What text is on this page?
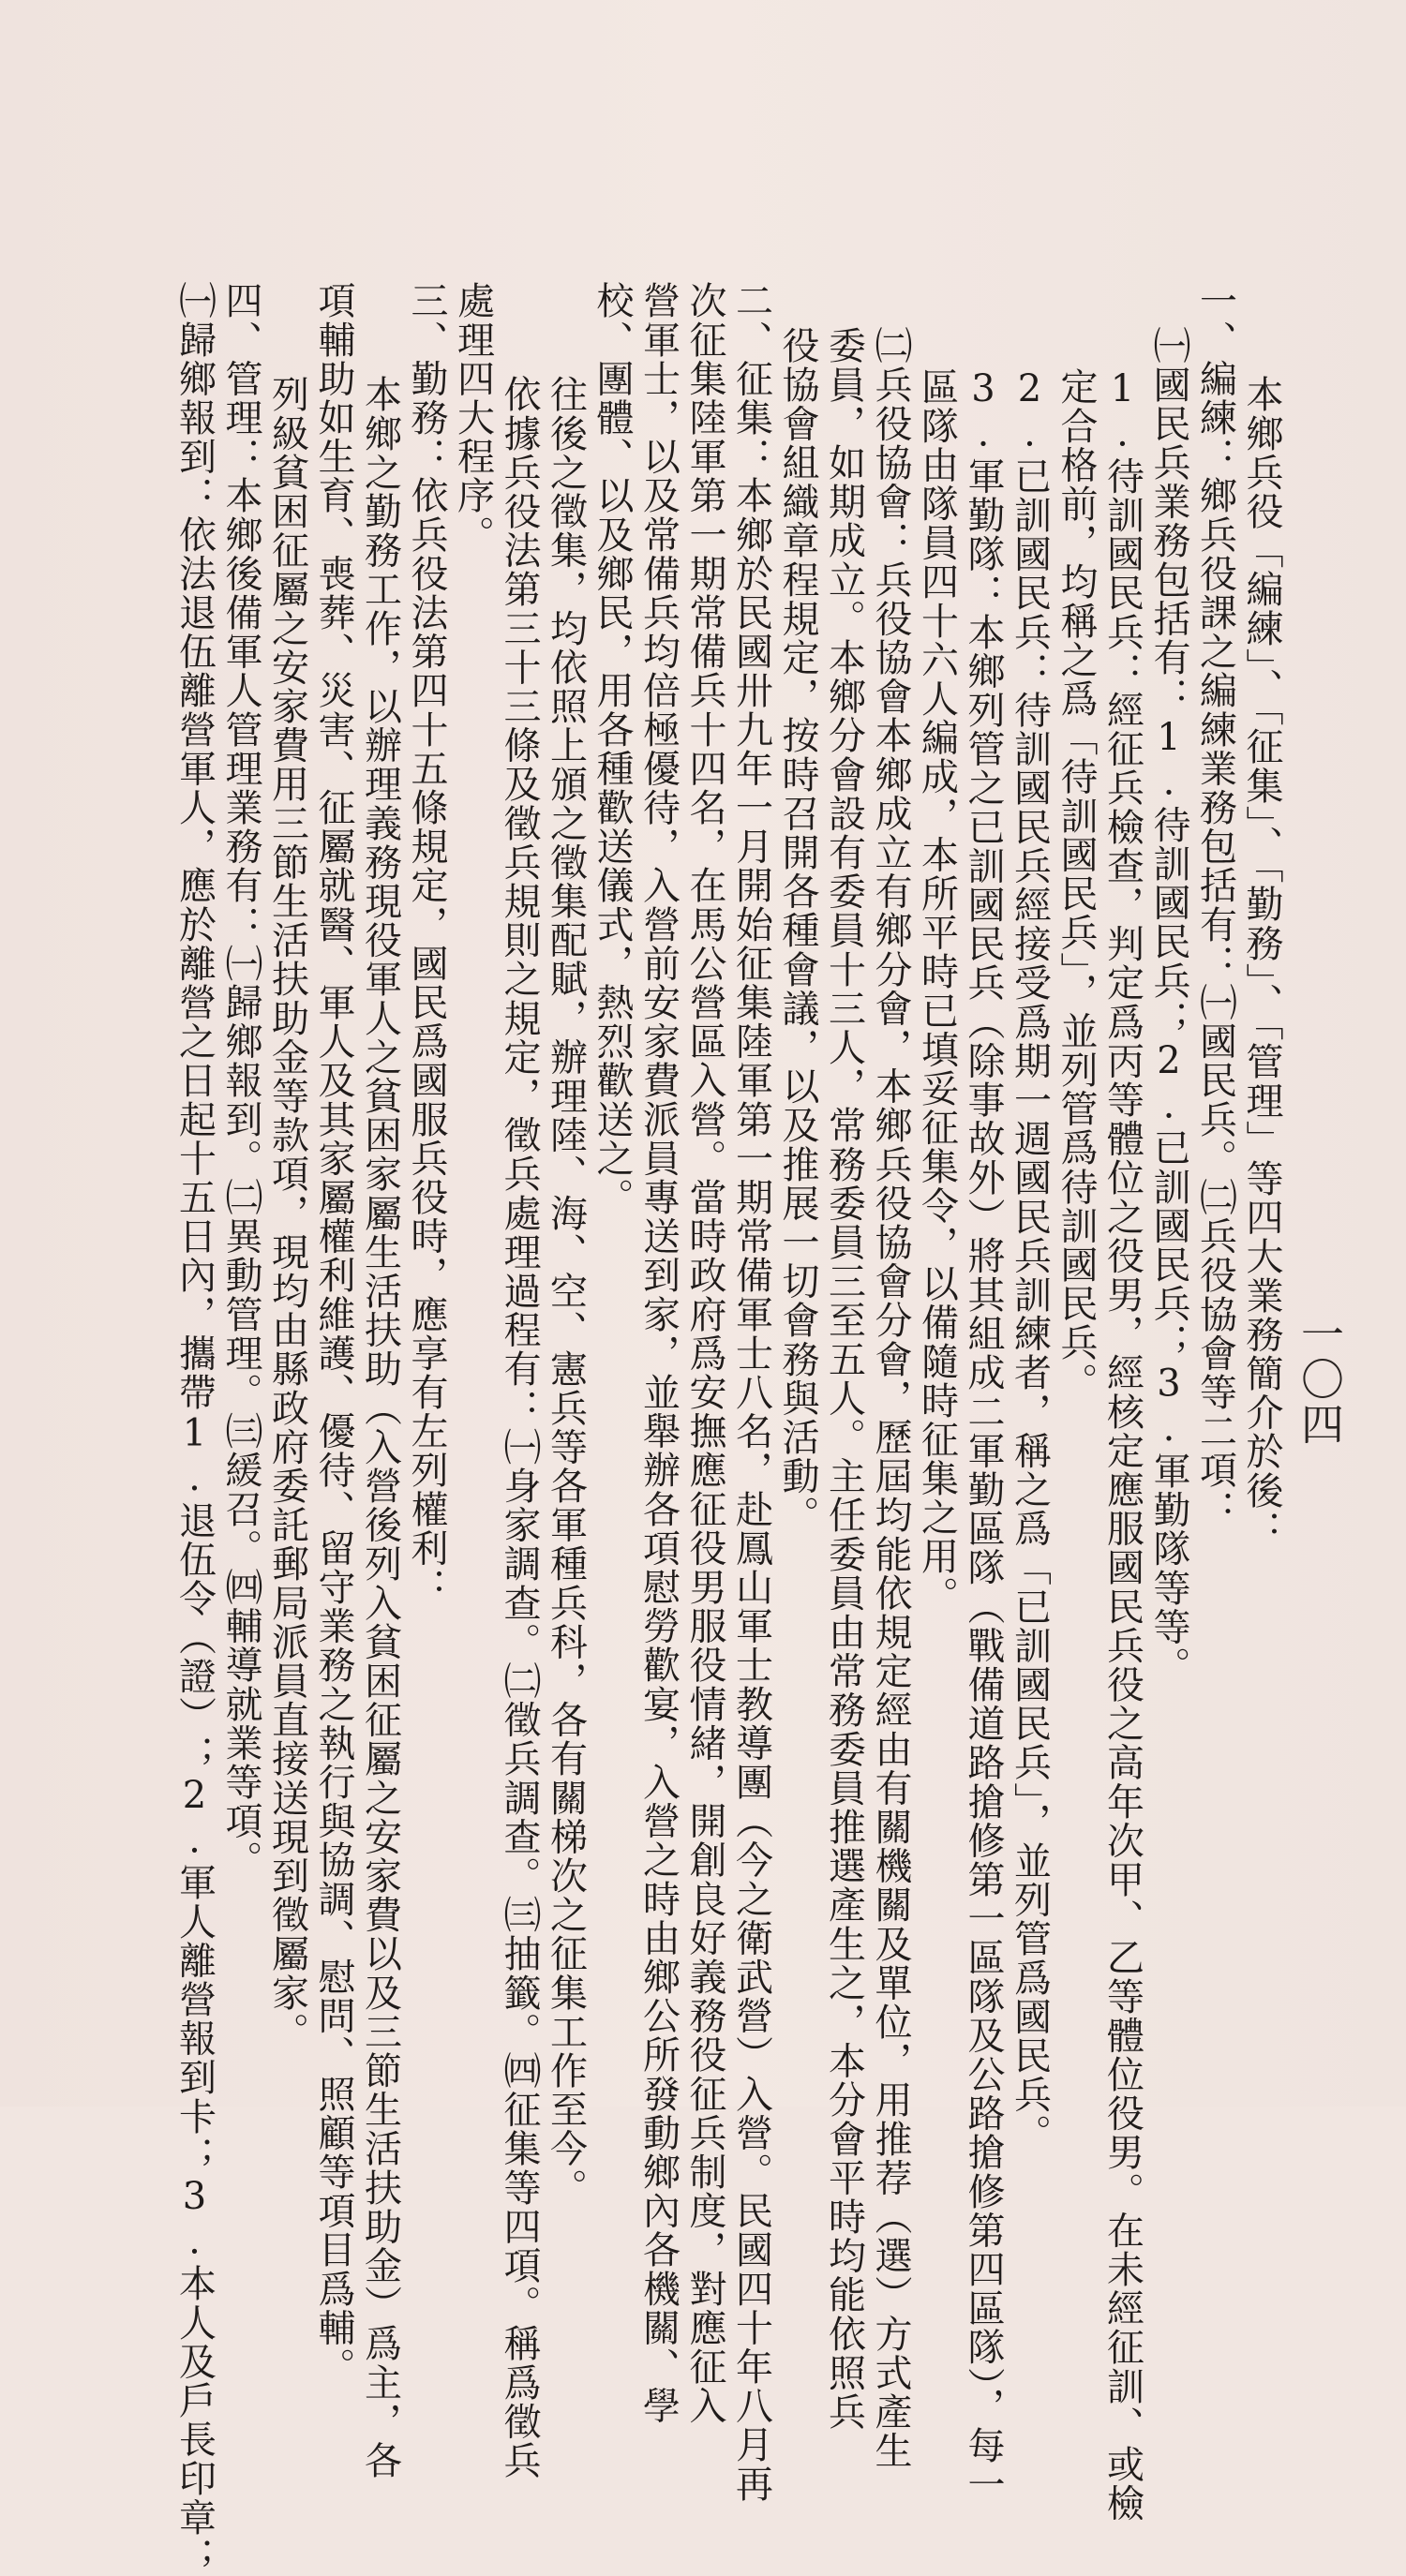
一〇四
本鄉兵役「編練」、「征集」、「勤務」、「管理」等四大業務簡介於後：
一、編練：鄉兵役課之編練業務包括有：㈠國民兵。㈡兵役協會等二項：
㈠國民兵業務包括有：1.待訓國民兵；2.已訓國民兵；3.軍勤隊等等。
1.待訓國民兵：經征兵檢查，判定爲丙等體位之役男，經核定應服國民兵役之高年次甲、乙等體位役男。在未經征訓、或檢
定合格前，均稱之爲「待訓國民兵」，並列管爲待訓國民兵。
2.已訓國民兵：待訓國民兵經接受爲期一週國民兵訓練者，稱之爲「已訓國民兵」，並列管爲國民兵。
3.軍勤隊：本鄉列管之已訓國民兵（除事故外）將其組成二軍勤區隊（戰備道路搶修第一區隊及公路搶修第四區隊），每一
區隊由隊員四十六人編成，本所平時已填妥征集令，以備隨時征集之用。
㈡兵役協會：兵役協會本鄉成立有鄉分會，本鄉兵役協會分會，歷屆均能依規定經由有關機關及單位，用推荐（選）方式產生
委員，如期成立。本鄉分會設有委員十三人，常務委員三至五人。主任委員由常務委員推選產生之，本分會平時均能依照兵
役協會組織章程規定，按時召開各種會議，以及推展一切會務與活動。
二、征集：本鄉於民國卅九年一月開始征集陸軍第一期常備軍士八名，赴鳳山軍士教導團（今之衛武營）入營。民國四十年八月再
次征集陸軍第一期常備兵十四名，在馬公營區入營。當時政府爲安撫應征役男服役情緒，開創良好義務役征兵制度，對應征入
營軍士，以及常備兵均倍極優待，入營前安家費派員專送到家，並舉辦各項慰勞歡宴，入營之時由鄉公所發動鄉內各機關、學
校、團體、以及鄉民，用各種歡送儀式，熱烈歡送之。
往後之徵集，均依照上頒之徵集配賦，辦理陸、海、空、憲兵等各軍種兵科，各有關梯次之征集工作至今。
依據兵役法第三十三條及徵兵規則之規定，徵兵處理過程有：㈠身家調查。㈡徵兵調查。㈢抽籤。㈣征集等四項。稱爲徵兵
處理四大程序。
三、勤務：依兵役法第四十五條規定，國民爲國服兵役時，應享有左列權利：
本鄉之勤務工作，以辦理義務現役軍人之貧困家屬生活扶助（入營後列入貧困征屬之安家費以及三節生活扶助金）爲主，各
項輔助如生育、喪葬、災害、征屬就醫、軍人及其家屬權利維護、優待、留守業務之執行與協調、慰問、照顧等項目爲輔。
列級貧困征屬之安家費用三節生活扶助金等款項，現均由縣政府委託郵局派員直接送現到徵屬家。
四、管理：本鄉後備軍人管理業務有：㈠歸鄉報到。㈡異動管理。㈢緩召。㈣輔導就業等項。
㈠歸鄉報到：依法退伍離營軍人，應於離營之日起十五日內，攜帶1.退伍令（證）；2.軍人離營報到卡；3.本人及戶長印章；
